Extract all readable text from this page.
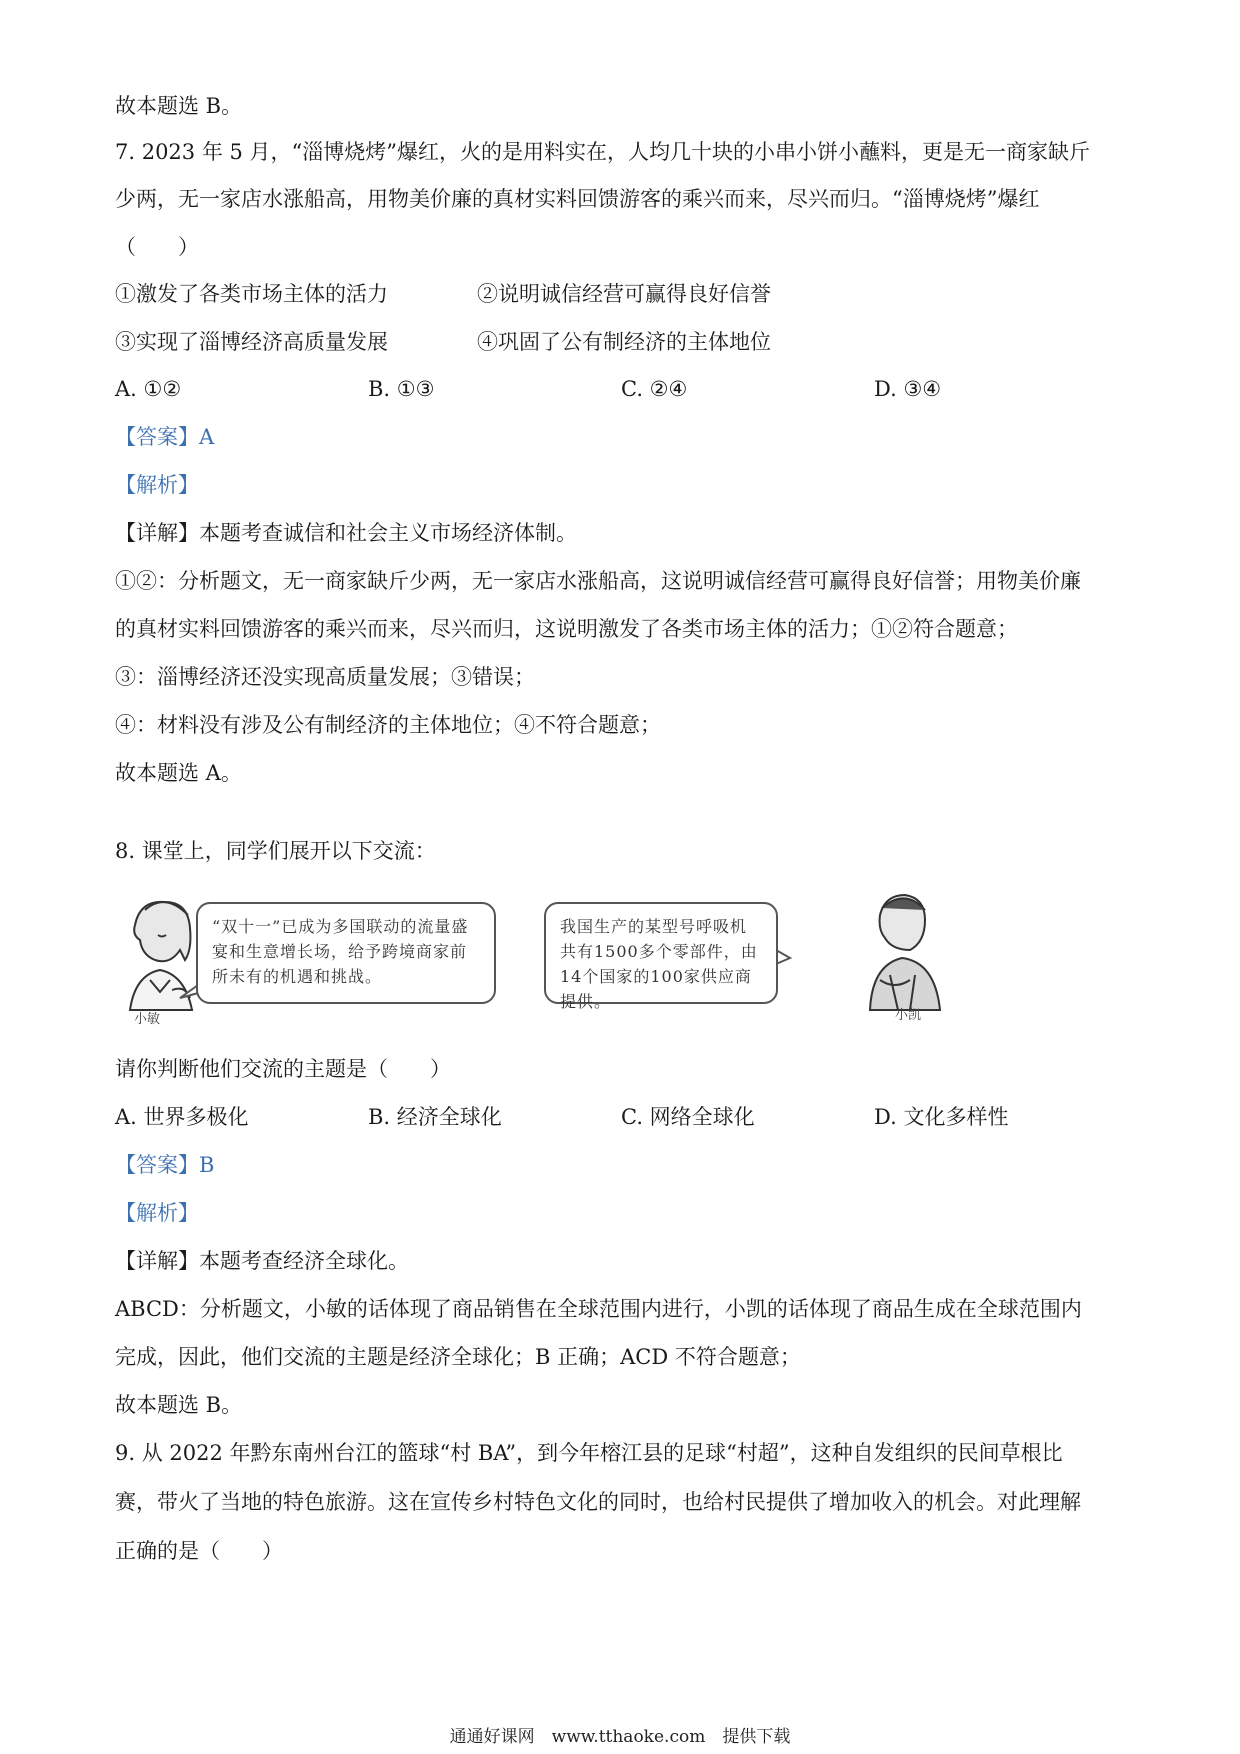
故本题选 B。
7. 2023 年 5 月，“淄博烧烤”爆红，火的是用料实在，人均几十块的小串小饼小蘸料，更是无一商家缺斤
少两，无一家店水涨船高，用物美价廉的真材实料回馈游客的乘兴而来，尽兴而归。“淄博烧烤”爆红
（　　）
①激发了各类市场主体的活力	②说明诚信经营可赢得良好信誉
③实现了淄博经济高质量发展	④巩固了公有制经济的主体地位
A. ①②	B. ①③	C. ②④	D. ③④
【答案】A
【解析】
【详解】本题考查诚信和社会主义市场经济体制。
①②：分析题文，无一商家缺斤少两，无一家店水涨船高，这说明诚信经营可赢得良好信誉；用物美价廉
的真材实料回馈游客的乘兴而来，尽兴而归，这说明激发了各类市场主体的活力；①②符合题意；
③：淄博经济还没实现高质量发展；③错误；
④：材料没有涉及公有制经济的主体地位；④不符合题意；
故本题选 A。
8. 课堂上，同学们展开以下交流：
“双十一”已成为多国联动的流量盛宴和生意增长场，给予跨境商家前所未有的机遇和挑战。
我国生产的某型号呼吸机共有1500多个零部件，由14个国家的100家供应商提供。
小敏	小凯
请你判断他们交流的主题是（　　）
A. 世界多极化	B. 经济全球化	C. 网络全球化	D. 文化多样性
【答案】B
【解析】
【详解】本题考查经济全球化。
ABCD：分析题文，小敏的话体现了商品销售在全球范围内进行，小凯的话体现了商品生成在全球范围内
完成，因此，他们交流的主题是经济全球化；B 正确；ACD 不符合题意；
故本题选 B。
9. 从 2022 年黔东南州台江的篮球“村 BA”，到今年榕江县的足球“村超”，这种自发组织的民间草根比
赛，带火了当地的特色旅游。这在宣传乡村特色文化的同时，也给村民提供了增加收入的机会。对此理解
正确的是（　　）
通通好课网　www.tthaoke.com　提供下载
